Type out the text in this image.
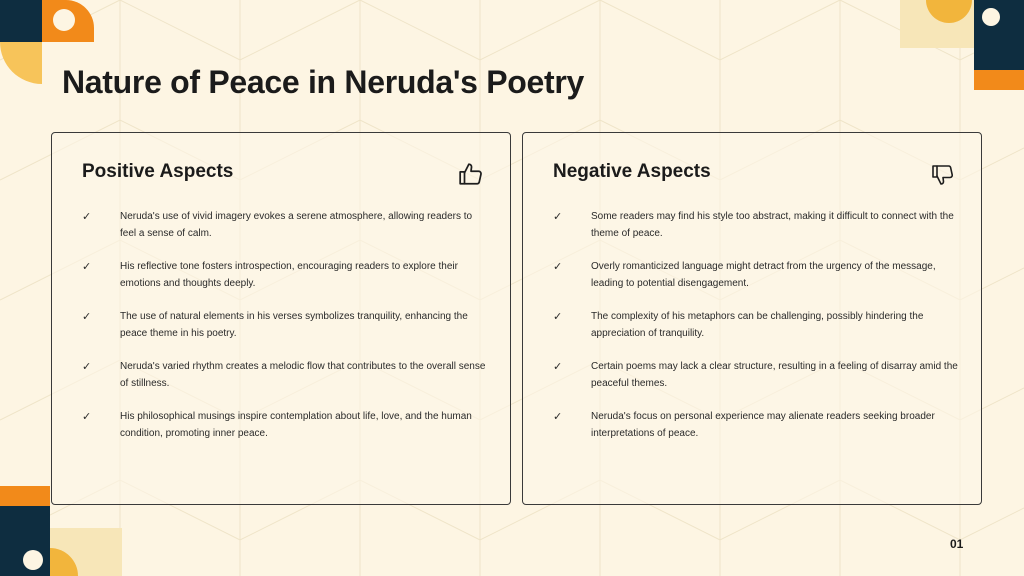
Nature of Peace in Neruda's Poetry
Positive Aspects
✓	Neruda's use of vivid imagery evokes a serene atmosphere, allowing readers to feel a sense of calm.
✓	His reflective tone fosters introspection, encouraging readers to explore their emotions and thoughts deeply.
✓	The use of natural elements in his verses symbolizes tranquility, enhancing the peace theme in his poetry.
✓	Neruda's varied rhythm creates a melodic flow that contributes to the overall sense of stillness.
✓	His philosophical musings inspire contemplation about life, love, and the human condition, promoting inner peace.
Negative Aspects
✓	Some readers may find his style too abstract, making it difficult to connect with the theme of peace.
✓	Overly romanticized language might detract from the urgency of the message, leading to potential disengagement.
✓	The complexity of his metaphors can be challenging, possibly hindering the appreciation of tranquility.
✓	Certain poems may lack a clear structure, resulting in a feeling of disarray amid the peaceful themes.
✓	Neruda's focus on personal experience may alienate readers seeking broader interpretations of peace.
01
